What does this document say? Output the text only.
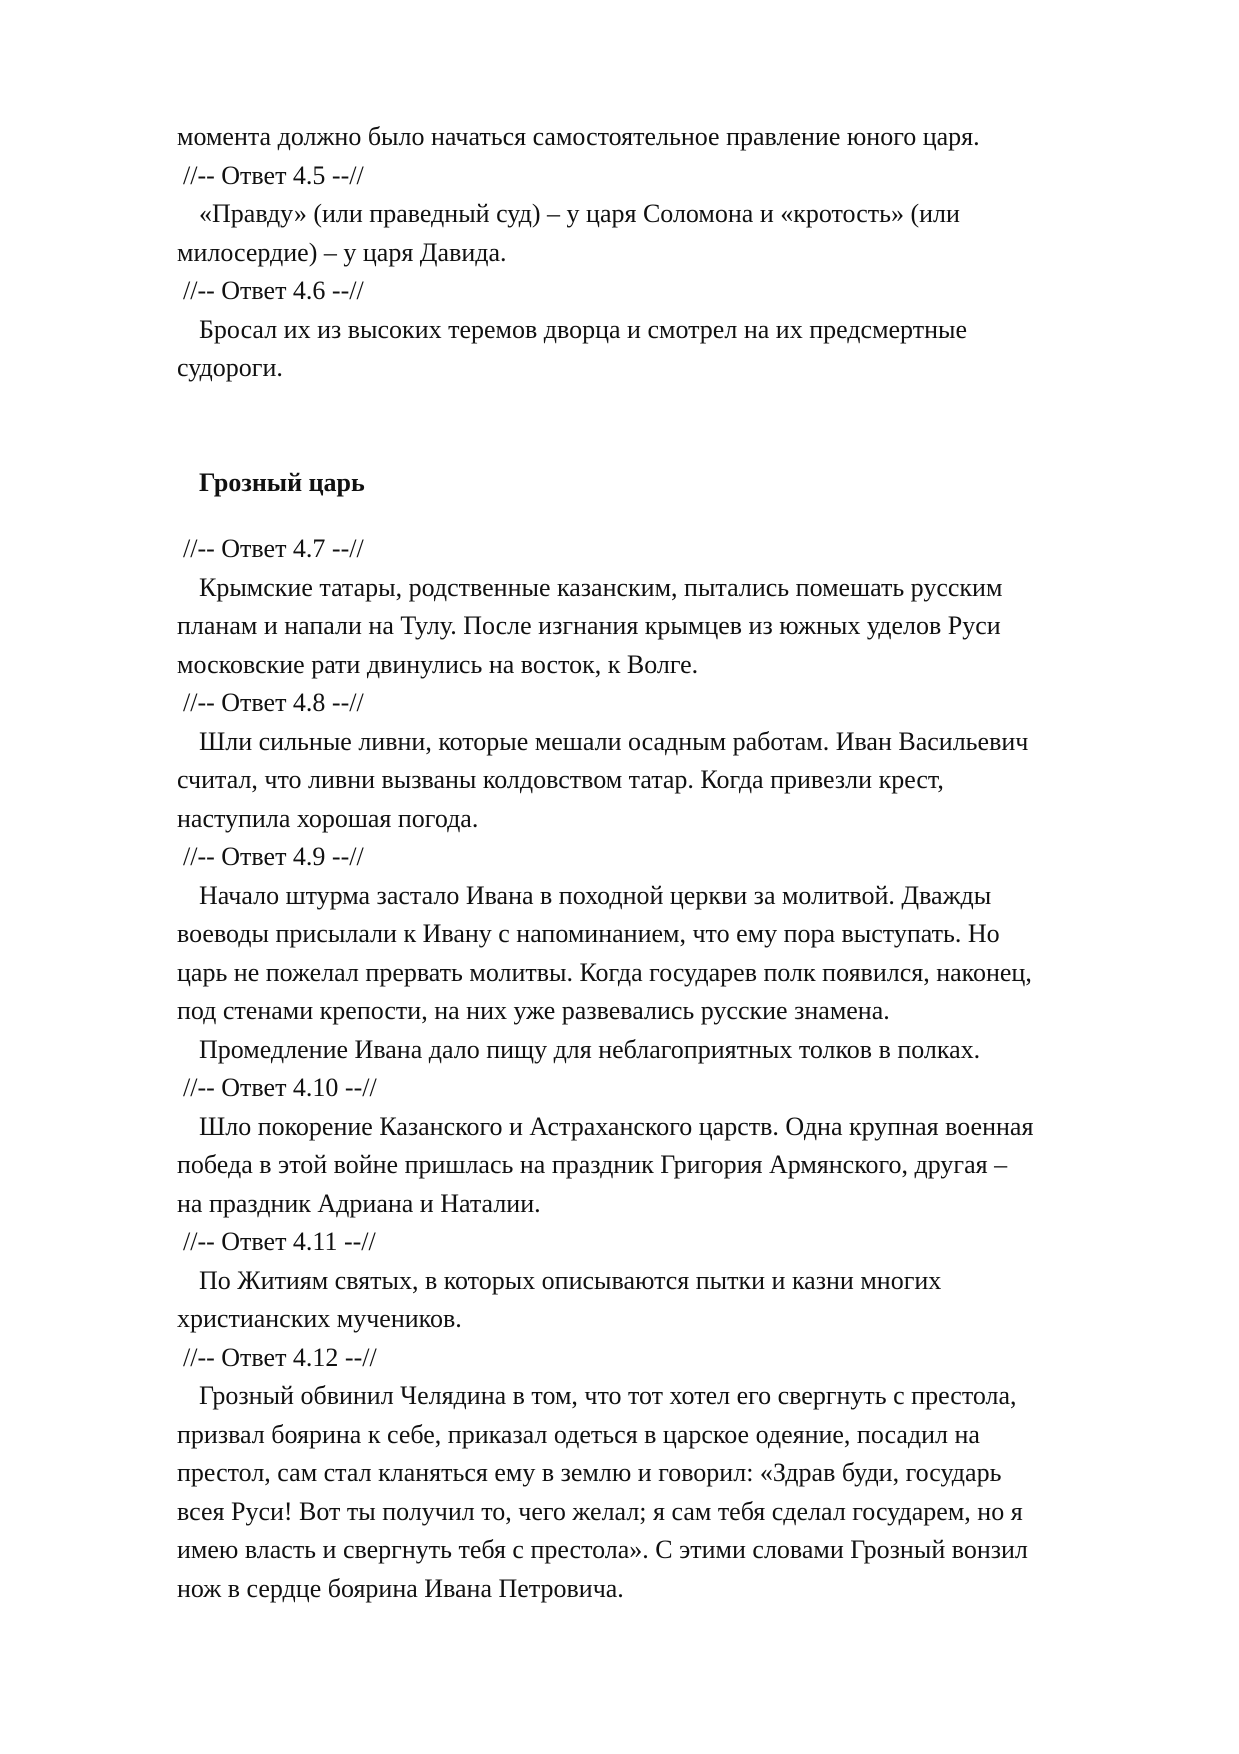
момента должно было начаться самостоятельное правление юного царя.
//-- Ответ 4.5 --//
«Правду» (или праведный суд) – у царя Соломона и «кротость» (или
милосердие) – у царя Давида.
//-- Ответ 4.6 --//
Бросал их из высоких теремов дворца и смотрел на их предсмертные
судороги.
Грозный царь
//-- Ответ 4.7 --//
Крымские татары, родственные казанским, пытались помешать русским
планам и напали на Тулу. После изгнания крымцев из южных уделов Руси
московские рати двинулись на восток, к Волге.
//-- Ответ 4.8 --//
Шли сильные ливни, которые мешали осадным работам. Иван Васильевич
считал, что ливни вызваны колдовством татар. Когда привезли крест,
наступила хорошая погода.
//-- Ответ 4.9 --//
Начало штурма застало Ивана в походной церкви за молитвой. Дважды
воеводы присылали к Ивану с напоминанием, что ему пора выступать. Но
царь не пожелал прервать молитвы. Когда государев полк появился, наконец,
под стенами крепости, на них уже развевались русские знамена.
Промедление Ивана дало пищу для неблагоприятных толков в полках.
//-- Ответ 4.10 --//
Шло покорение Казанского и Астраханского царств. Одна крупная военная
победа в этой войне пришлась на праздник Григория Армянского, другая –
на праздник Адриана и Наталии.
//-- Ответ 4.11 --//
По Житиям святых, в которых описываются пытки и казни многих
христианских мучеников.
//-- Ответ 4.12 --//
Грозный обвинил Челядина в том, что тот хотел его свергнуть с престола,
призвал боярина к себе, приказал одеться в царское одеяние, посадил на
престол, сам стал кланяться ему в землю и говорил: «Здрав буди, государь
всея Руси! Вот ты получил то, чего желал; я сам тебя сделал государем, но я
имею власть и свергнуть тебя с престола». С этими словами Грозный вонзил
нож в сердце боярина Ивана Петровича.
